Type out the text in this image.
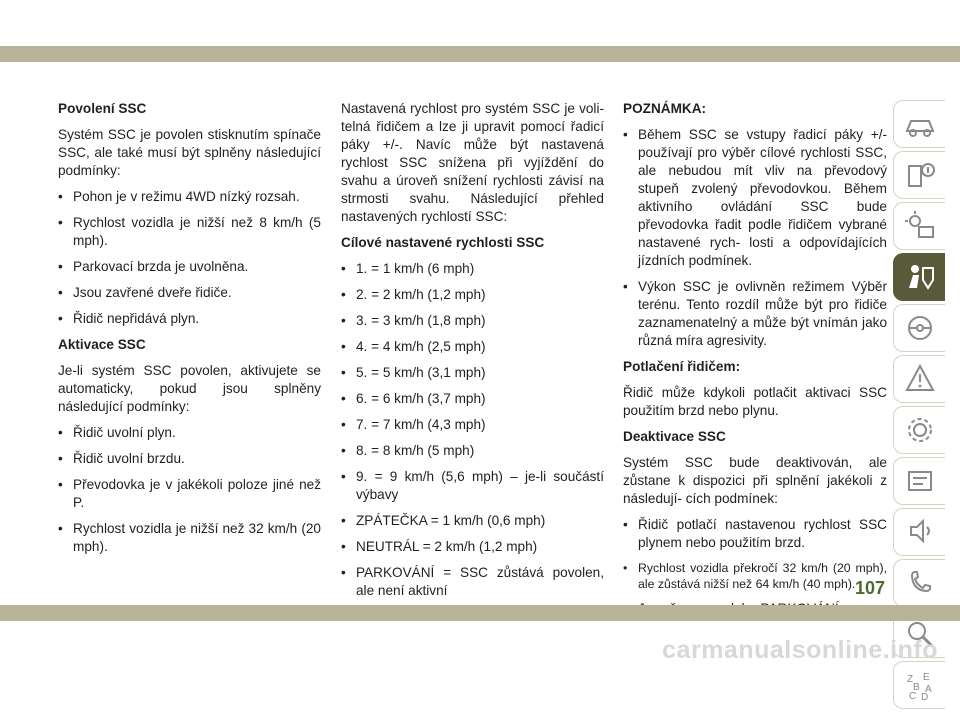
Povolení SSC

Systém SSC je povolen stisknutím spínače SSC, ale také musí být splněny následující podmínky:

• Pohon je v režimu 4WD nízký rozsah.
• Rychlost vozidla je nižší než 8 km/h (5 mph).
• Parkovací brzda je uvolněna.
• Jsou zavřené dveře řidiče.
• Řidič nepřidává plyn.
Aktivace SSC

Je-li systém SSC povolen, aktivujete se automaticky, pokud jsou splněny následující podmínky:

• Řidič uvolní plyn.
• Řidič uvolní brzdu.
• Převodovka je v jakékoli poloze jiné než P.
• Rychlost vozidla je nižší než 32 km/h (20 mph).

Nastavená rychlost pro systém SSC je voli- telná řidičem a lze ji upravit pomocí řadicí páky +/-. Navíc může být nastavená rychlost SSC snížena při vyjíždění do svahu a úroveň snížení rychlosti závisí na strmosti svahu. Následující přehled nastavených rychlostí SSC:

Cílové nastavené rychlosti SSC
• 1. = 1 km/h (6 mph)
• 2. = 2 km/h (1,2 mph)
• 3. = 3 km/h (1,8 mph)
• 4. = 4 km/h (2,5 mph)
• 5. = 5 km/h (3,1 mph)
• 6. = 6 km/h (3,7 mph)
• 7. = 7 km/h (4,3 mph)
• 8. = 8 km/h (5 mph)
• 9. = 9 km/h (5,6 mph) – je-li součástí výbavy
• ZPÁTEČKA = 1 km/h (0,6 mph)
• NEUTRÁL = 2 km/h (1,2 mph)
• PARKOVÁNÍ = SSC zůstává povolen, ale není aktivní
POZNÁMKA:
• Během SSC se vstupy řadicí páky +/- používají pro výběr cílové rychlosti SSC, ale nebudou mít vliv na převodový stupeň zvolený převodovkou. Během aktivního ovládání SSC bude převodovka řadit podle řidičem vybrané nastavené rych- losti a odpovídajících jízdních podmínek.
• Výkon SSC je ovlivněn režimem Výběr terénu. Tento rozdíl může být pro řidiče zaznamenatelný a může být vnímán jako různá míra agresivity.
Potlačení řidičem:

Řidič může kdykoli potlačit aktivaci SSC použitím brzd nebo plynu.

Deaktivace SSC

Systém SSC bude deaktivován, ale zůstane k dispozici při splnění jakékoli z následují- cích podmínek:

• Řidič potlačí nastavenou rychlost SSC plynem nebo použitím brzd.
• Rychlost vozidla překročí 32 km/h (20 mph), ale zůstává nižší než 64 km/h (40 mph).
•
Z E
B A
C D
107
carmanualsonline.info
